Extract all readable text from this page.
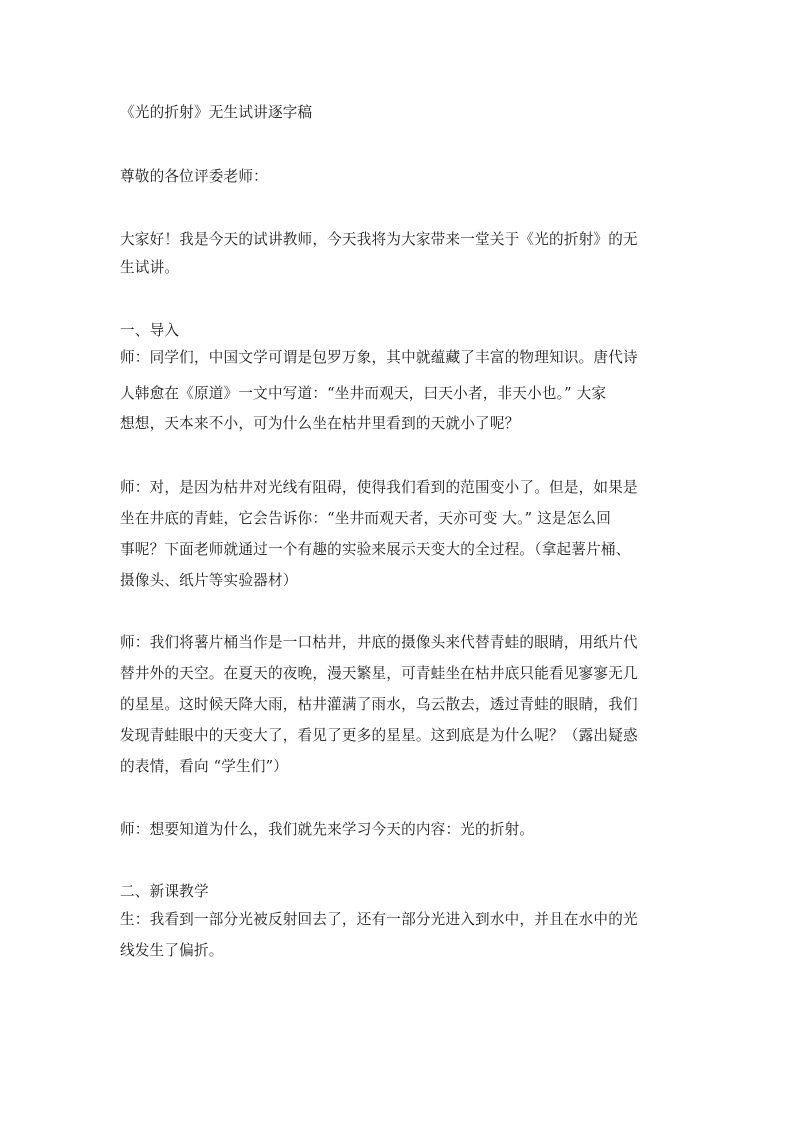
《光的折射》无生试讲逐字稿
尊敬的各位评委老师：
大家好！我是今天的试讲教师，今天我将为大家带来一堂关于《光的折射》的无
生试讲。
一、导入
师：同学们，中国文学可谓是包罗万象，其中就蕴藏了丰富的物理知识。唐代诗
人韩愈在《原道》一文中写道：“坐井而观天，曰天小者，非天小也。” 大家
想想，天本来不小，可为什么坐在枯井里看到的天就小了呢？
师：对，是因为枯井对光线有阻碍，使得我们看到的范围变小了。但是，如果是
坐在井底的青蛙，它会告诉你：“坐井而观天者，天亦可变 大。” 这是怎么回
事呢？下面老师就通过一个有趣的实验来展示天变大的全过程。（拿起薯片桶、
摄像头、纸片等实验器材）
师：我们将薯片桶当作是一口枯井，井底的摄像头来代替青蛙的眼睛，用纸片代
替井外的天空。在夏天的夜晚，漫天繁星，可青蛙坐在枯井底只能看见寥寥无几
的星星。这时候天降大雨，枯井灌满了雨水，乌云散去，透过青蛙的眼睛，我们
发现青蛙眼中的天变大了，看见了更多的星星。这到底是为什么呢？（露出疑惑
的表情，看向 “学生们”）
师：想要知道为什么，我们就先来学习今天的内容：光的折射。
二、新课教学
生：我看到一部分光被反射回去了，还有一部分光进入到水中，并且在水中的光
线发生了偏折。
